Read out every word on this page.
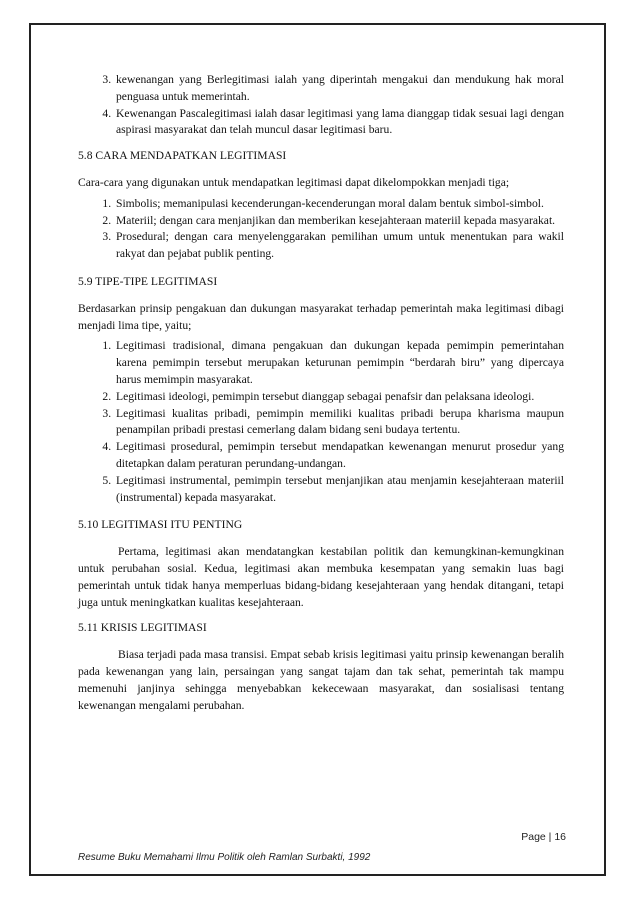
3. kewenangan yang Berlegitimasi ialah yang diperintah mengakui dan mendukung hak moral penguasa untuk memerintah.
4. Kewenangan Pascalegitimasi ialah dasar legitimasi yang lama dianggap tidak sesuai lagi dengan aspirasi masyarakat dan telah muncul dasar legitimasi baru.
5.8 CARA MENDAPATKAN LEGITIMASI

Cara-cara yang digunakan untuk mendapatkan legitimasi dapat dikelompokkan menjadi tiga;

1. Simbolis; memanipulasi kecenderungan-kecenderungan moral dalam bentuk simbol-simbol.
2. Materiil; dengan cara menjanjikan dan memberikan kesejahteraan materiil kepada masyarakat.
3. Prosedural; dengan cara menyelenggarakan pemilihan umum untuk menentukan para wakil rakyat dan pejabat publik penting.
5.9 TIPE-TIPE LEGITIMASI

Berdasarkan prinsip pengakuan dan dukungan masyarakat terhadap pemerintah maka legitimasi dibagi menjadi lima tipe, yaitu;

1. Legitimasi tradisional, dimana pengakuan dan dukungan kepada pemimpin pemerintahan karena pemimpin tersebut merupakan keturunan pemimpin “berdarah biru” yang dipercaya harus memimpin masyarakat.
2. Legitimasi ideologi, pemimpin tersebut dianggap sebagai penafsir dan pelaksana ideologi.
3. Legitimasi kualitas pribadi, pemimpin memiliki kualitas pribadi berupa kharisma maupun penampilan pribadi prestasi cemerlang dalam bidang seni budaya tertentu.
4. Legitimasi prosedural, pemimpin tersebut mendapatkan kewenangan menurut prosedur yang ditetapkan dalam peraturan perundang-undangan.
5. Legitimasi instrumental, pemimpin tersebut menjanjikan atau menjamin kesejahteraan materiil (instrumental) kepada masyarakat.
5.10 LEGITIMASI ITU PENTING

Pertama, legitimasi akan mendatangkan kestabilan politik dan kemungkinan-kemungkinan untuk perubahan sosial. Kedua, legitimasi akan membuka kesempatan yang semakin luas bagi pemerintah untuk tidak hanya memperluas bidang-bidang kesejahteraan yang hendak ditangani, tetapi juga untuk meningkatkan kualitas kesejahteraan.

5.11 KRISIS LEGITIMASI

Biasa terjadi pada masa transisi. Empat sebab krisis legitimasi yaitu prinsip kewenangan beralih pada kewenangan yang lain, persaingan yang sangat tajam dan tak sehat, pemerintah tak mampu memenuhi janjinya sehingga menyebabkan kekecewaan masyarakat, dan sosialisasi tentang kewenangan mengalami perubahan.

Page | 16
Resume Buku Memahami Ilmu Politik oleh Ramlan Surbakti, 1992
